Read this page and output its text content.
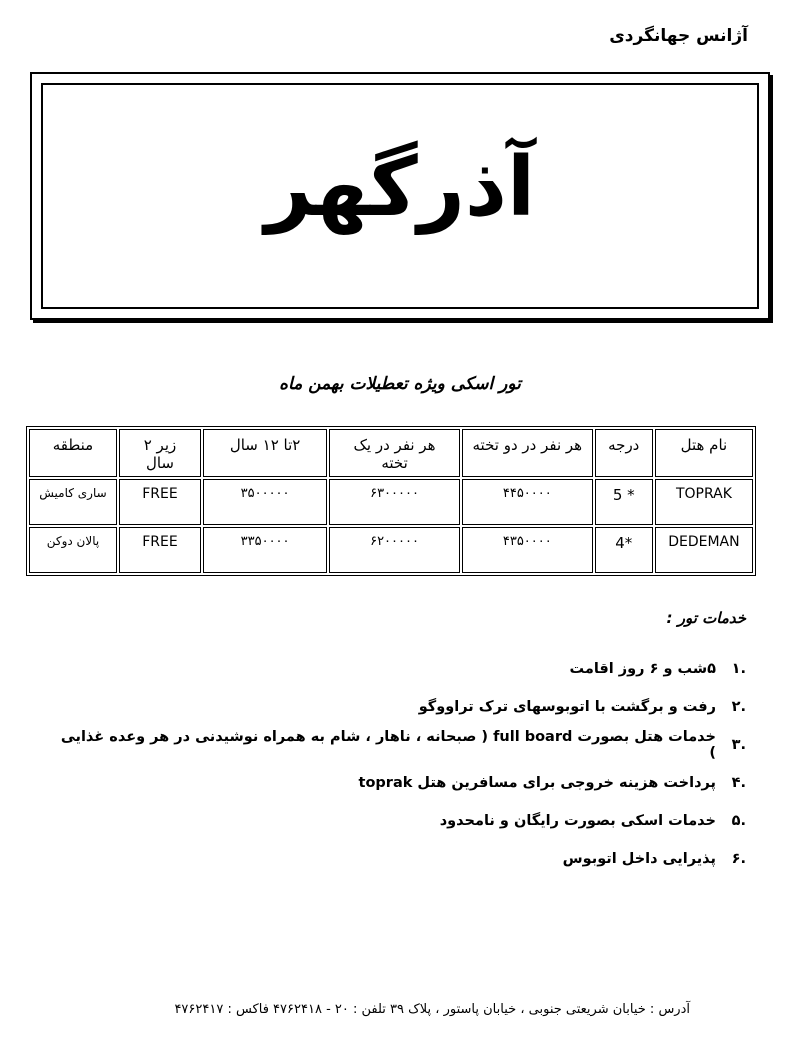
آژانس جهانگردی
آذرگهر
تور اسکی ویژه تعطیلات بهمن ماه
نام هتل	درجه	هر نفر در دو تخته	هر نفر در یک تخته	۲تا ۱۲ سال	زیر ۲ سال	منطقه
TOPRAK	5 *	۴۴۵۰۰۰۰	۶۳۰۰۰۰۰	۳۵۰۰۰۰۰	FREE	ساری کامیش
DEDEMAN	4*	۴۳۵۰۰۰۰	۶۲۰۰۰۰۰	۳۳۵۰۰۰۰	FREE	پالان دوکن
خدمات تور :
.۱
۵شب و ۶ روز اقامت
.۲
رفت و برگشت با اتوبوسهای ترک تراووگو
.۳
خدمات هتل بصورت full board ( صبحانه ، ناهار ، شام به همراه نوشیدنی در هر وعده غذایی )
.۴
پرداخت هزینه خروجی برای مسافرین هتل toprak
.۵
خدمات اسکی بصورت رایگان و نامحدود
.۶
پذیرایی داخل اتوبوس
آدرس : خیابان شریعتی جنوبی ، خیابان پاستور ، پلاک ۳۹ تلفن : ۲۰ - ۴۷۶۲۴۱۸ فاکس : ۴۷۶۲۴۱۷
